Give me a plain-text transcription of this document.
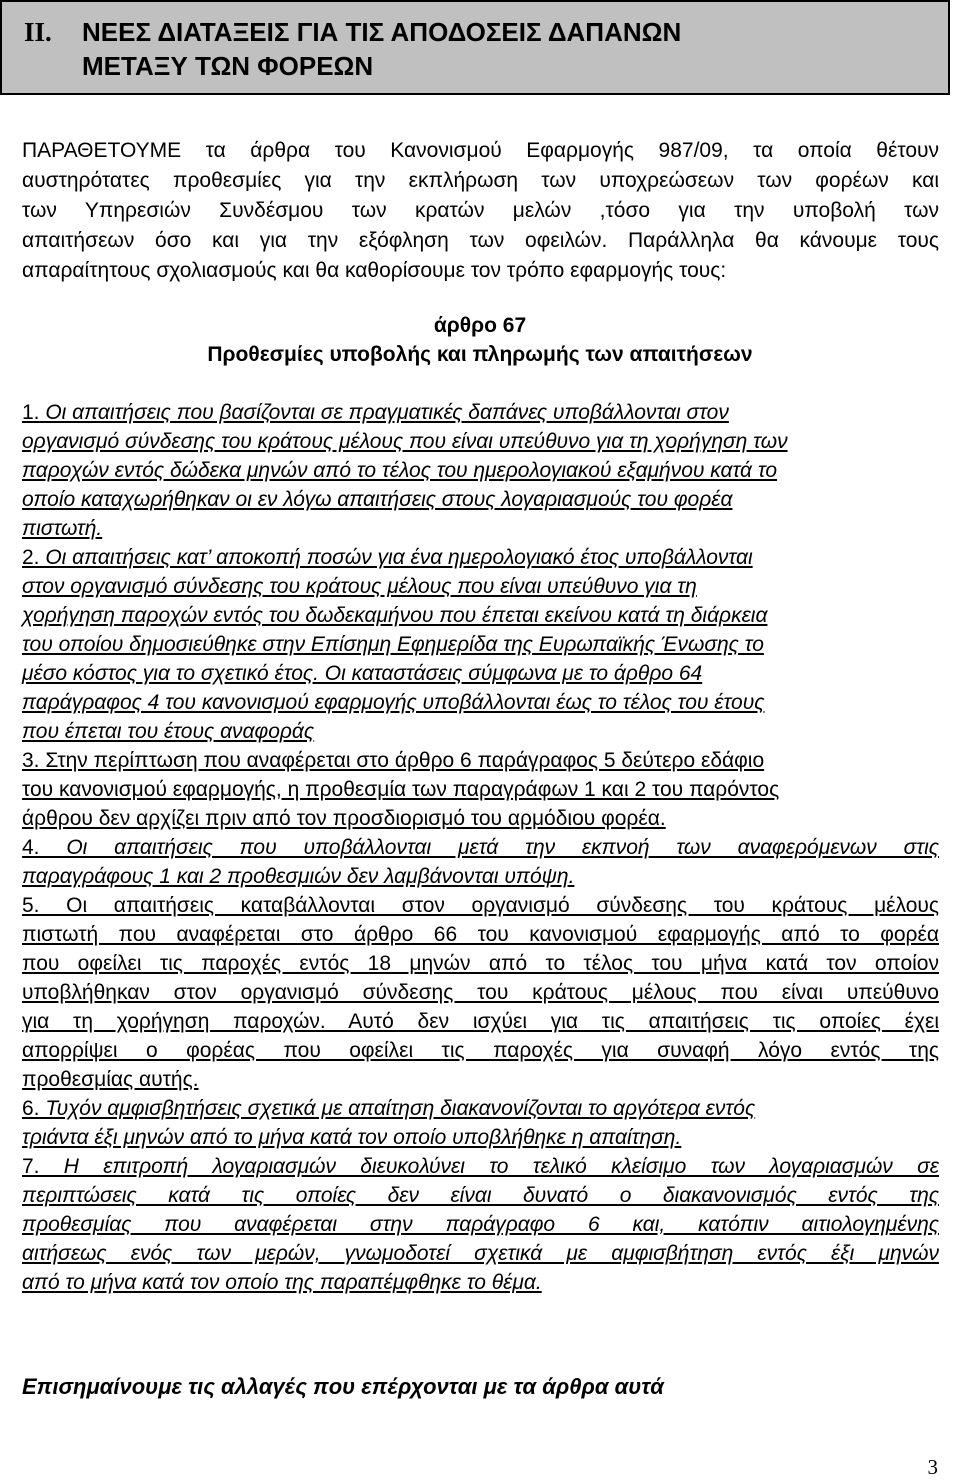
II. ΝΕΕΣ ΔΙΑΤΑΞΕΙΣ ΓΙΑ ΤΙΣ ΑΠΟΔΟΣΕΙΣ ΔΑΠΑΝΩΝ
ΜΕΤΑΞΥ ΤΩΝ ΦΟΡΕΩΝ
ΠΑΡΑΘΕΤΟΥΜΕ τα άρθρα του Κανονισμού Εφαρμογής 987/09, τα οποία θέτουν
αυστηρότατες προθεσμίες για την εκπλήρωση των υποχρεώσεων των φορέων και
των Υπηρεσιών Συνδέσμου των κρατών μελών ,τόσο για την υποβολή των
απαιτήσεων όσο και για την εξόφληση των οφειλών. Παράλληλα θα κάνουμε τους
απαραίτητους σχολιασμούς και θα καθορίσουμε τον τρόπο εφαρμογής τους:
άρθρο 67
Προθεσμίες υποβολής και πληρωμής των απαιτήσεων
1. Οι απαιτήσεις που βασίζονται σε πραγματικές δαπάνες υποβάλλονται στον
οργανισμό σύνδεσης του κράτους μέλους που είναι υπεύθυνο για τη χορήγηση των
παροχών εντός δώδεκα μηνών από το τέλος του ημερολογιακού εξαμήνου κατά το
οποίο καταχωρήθηκαν οι εν λόγω απαιτήσεις στους λογαριασμούς του φορέα
πιστωτή.
2. Οι απαιτήσεις κατ’ αποκοπή ποσών για ένα ημερολογιακό έτος υποβάλλονται
στον οργανισμό σύνδεσης του κράτους μέλους που είναι υπεύθυνο για τη
χορήγηση παροχών εντός του δωδεκαμήνου που έπεται εκείνου κατά τη διάρκεια
του οποίου δημοσιεύθηκε στην Επίσημη Εφημερίδα της Ευρωπαϊκής Ένωσης το
μέσο κόστος για το σχετικό έτος. Οι καταστάσεις σύμφωνα με το άρθρο 64
παράγραφος 4 του κανονισμού εφαρμογής υποβάλλονται έως το τέλος του έτους
που έπεται του έτους αναφοράς
3. Στην περίπτωση που αναφέρεται στο άρθρο 6 παράγραφος 5 δεύτερο εδάφιο
του κανονισμού εφαρμογής, η προθεσμία των παραγράφων 1 και 2 του παρόντος
άρθρου δεν αρχίζει πριν από τον προσδιορισμό του αρμόδιου φορέα.
4. Οι απαιτήσεις που υποβάλλονται μετά την εκπνοή των αναφερόμενων στις
παραγράφους 1 και 2 προθεσμιών δεν λαμβάνονται υπόψη.
5. Οι απαιτήσεις καταβάλλονται στον οργανισμό σύνδεσης του κράτους μέλους
πιστωτή που αναφέρεται στο άρθρο 66 του κανονισμού εφαρμογής από το φορέα
που οφείλει τις παροχές εντός 18 μηνών από το τέλος του μήνα κατά τον οποίον
υποβλήθηκαν στον οργανισμό σύνδεσης του κράτους μέλους που είναι υπεύθυνο
για τη χορήγηση παροχών. Αυτό δεν ισχύει για τις απαιτήσεις τις οποίες έχει
απορρίψει ο φορέας που οφείλει τις παροχές για συναφή λόγο εντός της
προθεσμίας αυτής.
6. Τυχόν αμφισβητήσεις σχετικά με απαίτηση διακανονίζονται το αργότερα εντός
τριάντα έξι μηνών από το μήνα κατά τον οποίο υποβλήθηκε η απαίτηση.
7. Η επιτροπή λογαριασμών διευκολύνει το τελικό κλείσιμο των λογαριασμών σε
περιπτώσεις κατά τις οποίες δεν είναι δυνατό ο διακανονισμός εντός της
προθεσμίας που αναφέρεται στην παράγραφο 6 και, κατόπιν αιτιολογημένης
αιτήσεως ενός των μερών, γνωμοδοτεί σχετικά με αμφισβήτηση εντός έξι μηνών
από το μήνα κατά τον οποίο της παραπέμφθηκε το θέμα.
Επισημαίνουμε τις αλλαγές που επέρχονται με τα άρθρα αυτά
3
